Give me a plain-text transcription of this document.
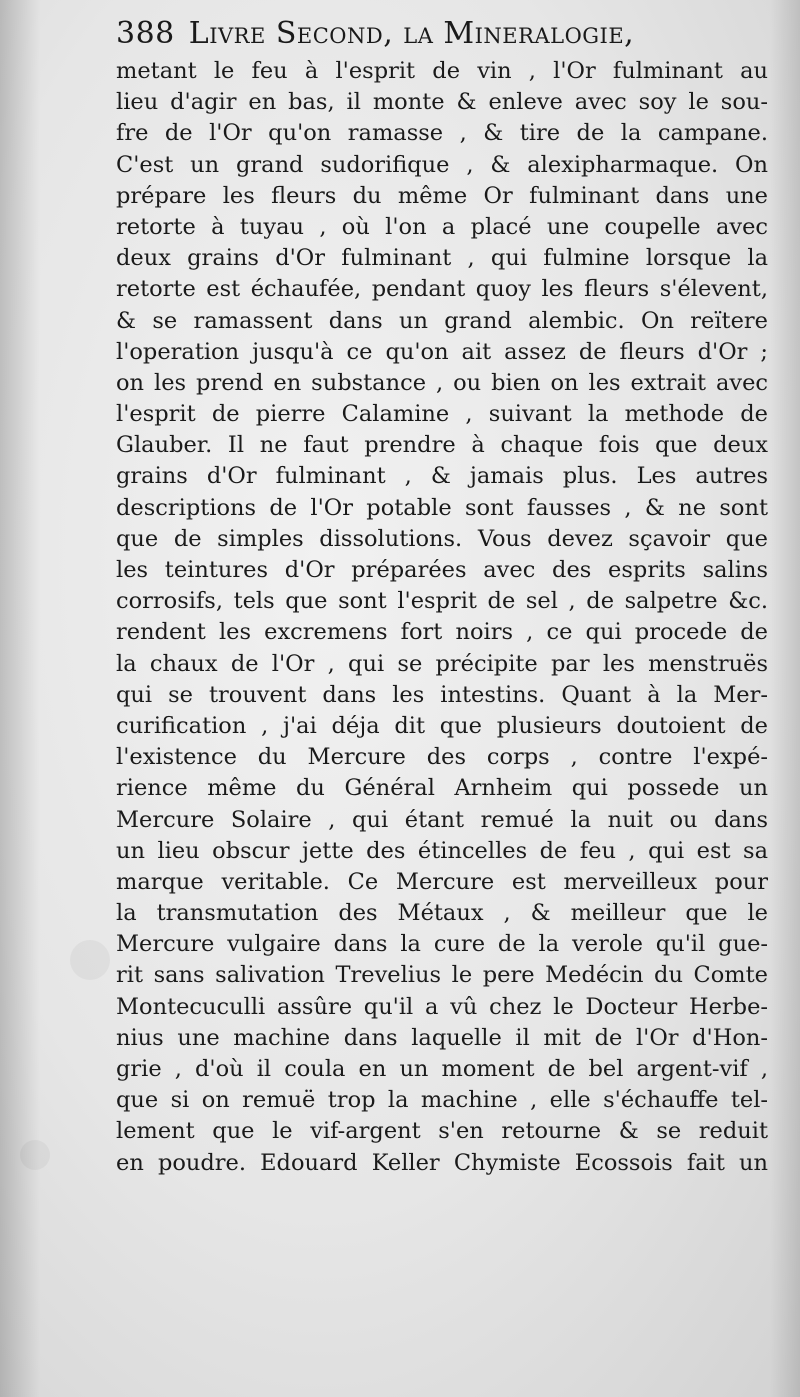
388 Livre Second, la Mineralogie,
metant le feu à l'esprit de vin , l'Or fulminant au
lieu d'agir en bas, il monte & enleve avec soy le sou-
fre de l'Or qu'on ramasse , & tire de la campane.
C'est un grand sudorifique , & alexipharmaque. On
prépare les fleurs du même Or fulminant dans une
retorte à tuyau , où l'on a placé une coupelle avec
deux grains d'Or fulminant , qui fulmine lorsque la
retorte est échaufée, pendant quoy les fleurs s'élevent,
& se ramassent dans un grand alembic. On reïtere
l'operation jusqu'à ce qu'on ait assez de fleurs d'Or ;
on les prend en substance , ou bien on les extrait avec
l'esprit de pierre Calamine , suivant la methode de
Glauber. Il ne faut prendre à chaque fois que deux
grains d'Or fulminant , & jamais plus. Les autres
descriptions de l'Or potable sont fausses , & ne sont
que de simples dissolutions. Vous devez sçavoir que
les teintures d'Or préparées avec des esprits salins
corrosifs, tels que sont l'esprit de sel , de salpetre &c.
rendent les excremens fort noirs , ce qui procede de
la chaux de l'Or , qui se précipite par les menstruës
qui se trouvent dans les intestins. Quant à la Mer-
curification , j'ai déja dit que plusieurs doutoient de
l'existence du Mercure des corps , contre l'expé-
rience même du Général Arnheim qui possede un
Mercure Solaire , qui étant remué la nuit ou dans
un lieu obscur jette des étincelles de feu , qui est sa
marque veritable. Ce Mercure est merveilleux pour
la transmutation des Métaux , & meilleur que le
Mercure vulgaire dans la cure de la verole qu'il gue-
rit sans salivation Trevelius le pere Medécin du Comte
Montecuculli assûre qu'il a vû chez le Docteur Herbe-
nius une machine dans laquelle il mit de l'Or d'Hon-
grie , d'où il coula en un moment de bel argent-vif ,
que si on remuë trop la machine , elle s'échauffe tel-
lement que le vif-argent s'en retourne & se reduit
en poudre. Edouard Keller Chymiste Ecossois fait un
